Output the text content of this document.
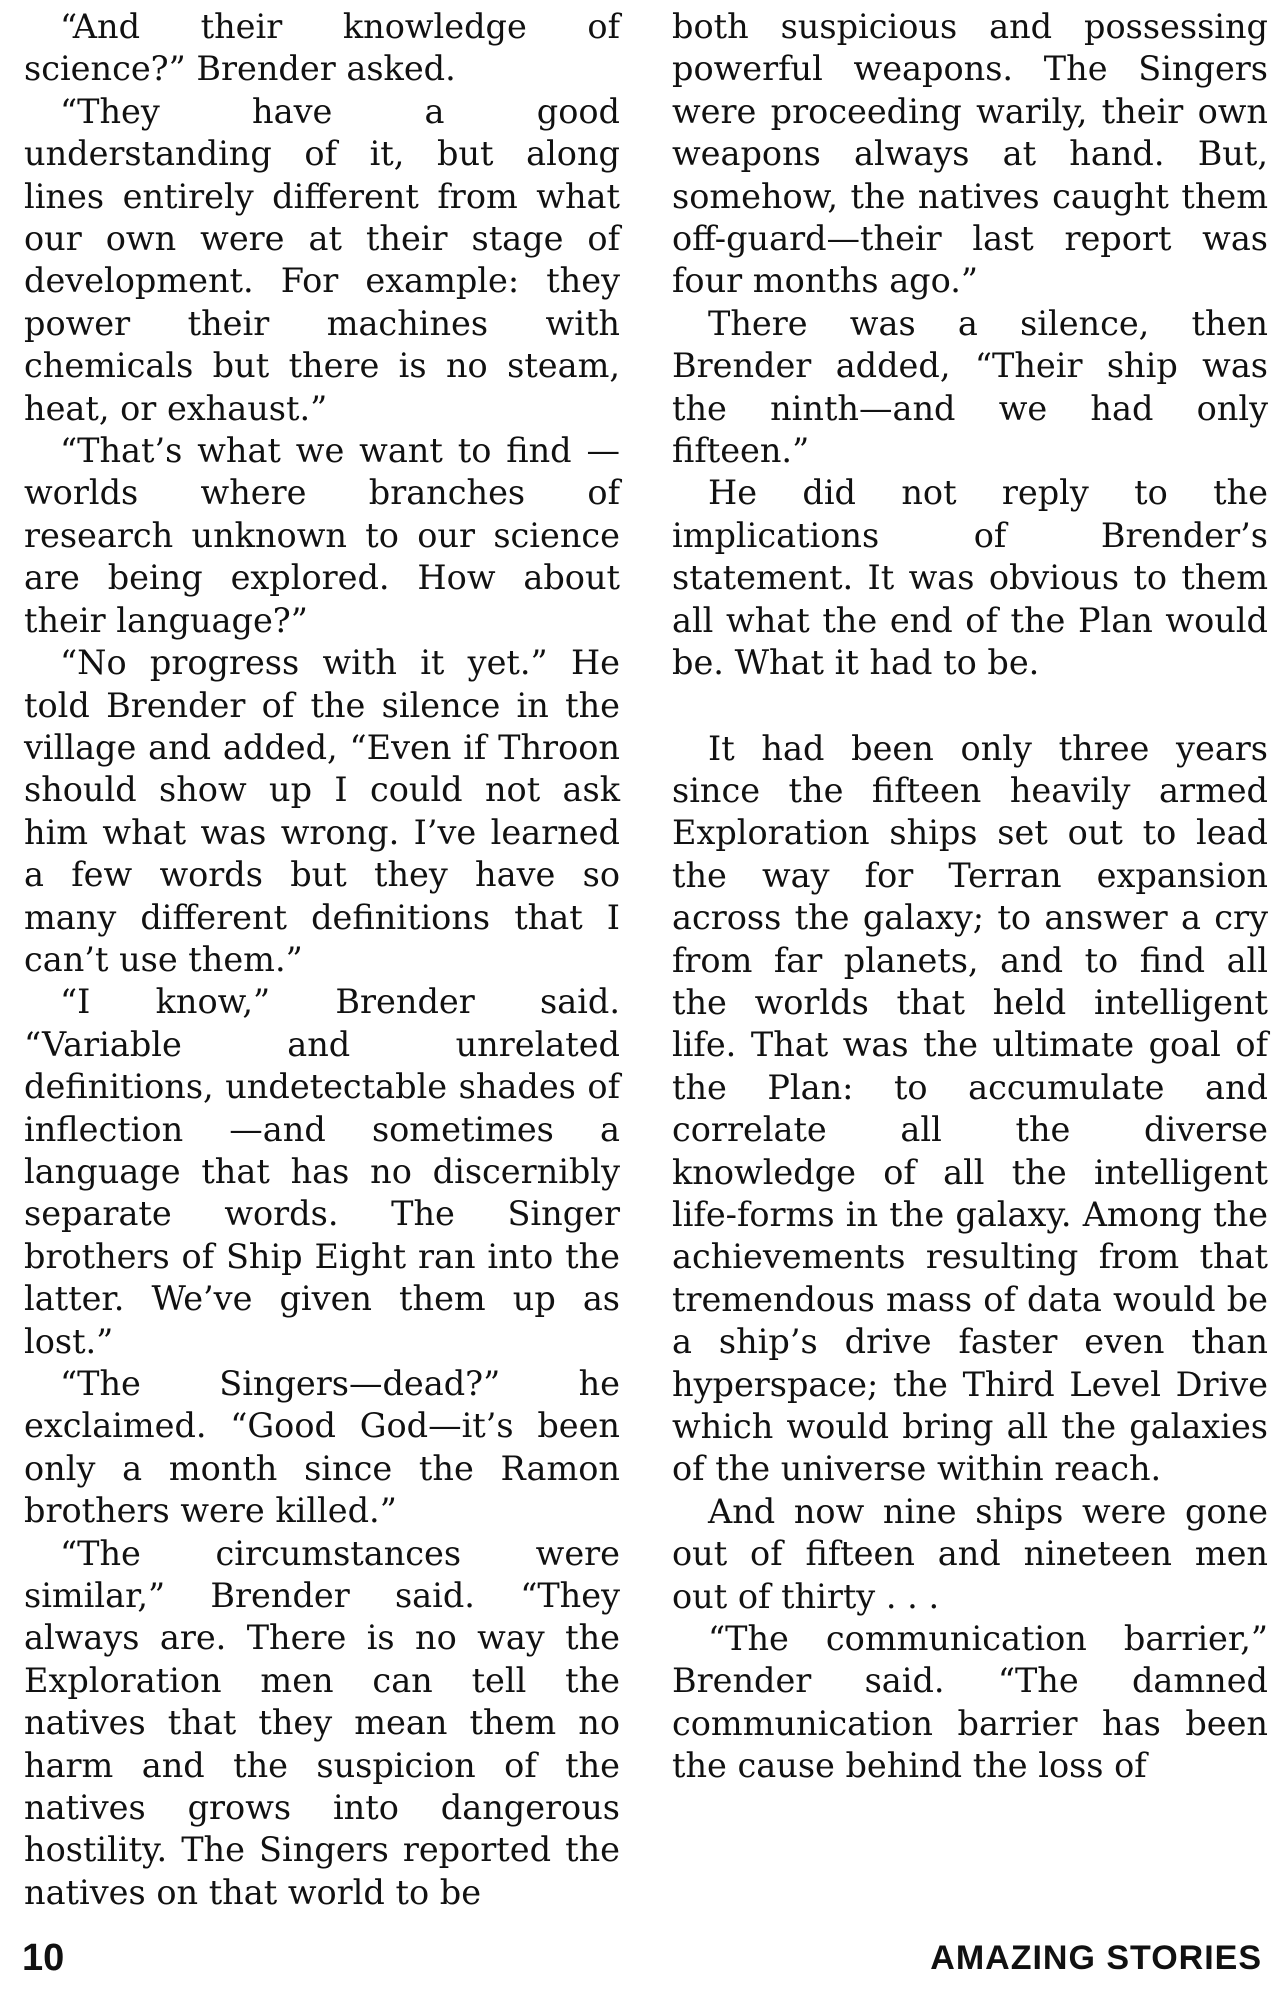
“And their knowledge of science?” Brender asked.

“They have a good understanding of it, but along lines entirely different from what our own were at their stage of development. For example: they power their machines with chemicals but there is no steam, heat, or exhaust.”

“That’s what we want to find —worlds where branches of research unknown to our science are being explored. How about their language?”

“No progress with it yet.” He told Brender of the silence in the village and added, “Even if Throon should show up I could not ask him what was wrong. I’ve learned a few words but they have so many different definitions that I can’t use them.”

“I know,” Brender said. “Variable and unrelated definitions, undetectable shades of inflection —and sometimes a language that has no discernibly separate words. The Singer brothers of Ship Eight ran into the latter. We’ve given them up as lost.”

“The Singers—dead?” he exclaimed. “Good God—it’s been only a month since the Ramon brothers were killed.”

“The circumstances were similar,” Brender said. “They always are. There is no way the Exploration men can tell the natives that they mean them no harm and the suspicion of the natives grows into dangerous hostility. The Singers reported the natives on that world to be

both suspicious and possessing powerful weapons. The Singers were proceeding warily, their own weapons always at hand. But, somehow, the natives caught them off-guard—their last report was four months ago.”

There was a silence, then Brender added, “Their ship was the ninth—and we had only fifteen.”

He did not reply to the implications of Brender’s statement. It was obvious to them all what the end of the Plan would be. What it had to be.

It had been only three years since the fifteen heavily armed Exploration ships set out to lead the way for Terran expansion across the galaxy; to answer a cry from far planets, and to find all the worlds that held intelligent life. That was the ultimate goal of the Plan: to accumulate and correlate all the diverse knowledge of all the intelligent life-forms in the galaxy. Among the achievements resulting from that tremendous mass of data would be a ship’s drive faster even than hyperspace; the Third Level Drive which would bring all the galaxies of the universe within reach.

And now nine ships were gone out of fifteen and nineteen men out of thirty . . .

“The communication barrier,” Brender said. “The damned communication barrier has been the cause behind the loss of

10	AMAZING STORIES
